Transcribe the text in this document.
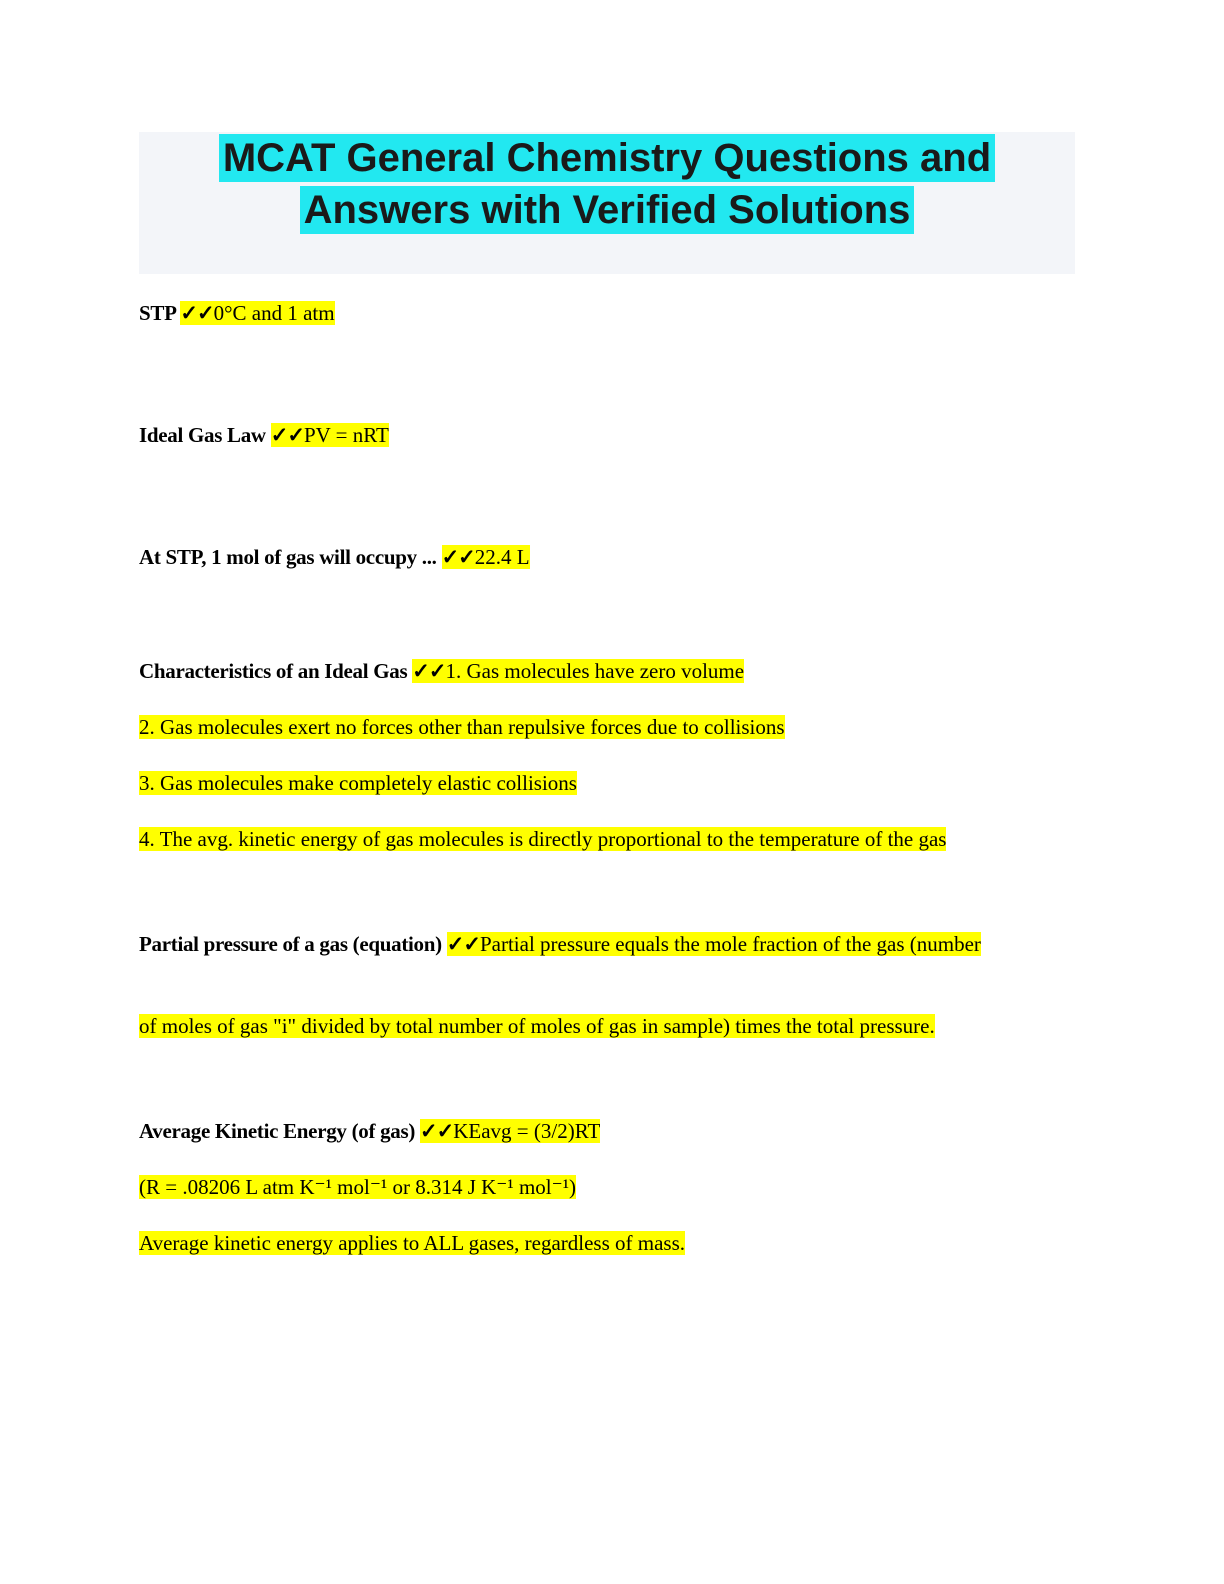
MCAT General Chemistry Questions and
Answers with Verified Solutions
STP ✓✓0°C and 1 atm
Ideal Gas Law ✓✓PV = nRT
At STP, 1 mol of gas will occupy ... ✓✓22.4 L
Characteristics of an Ideal Gas ✓✓1. Gas molecules have zero volume
2. Gas molecules exert no forces other than repulsive forces due to collisions
3. Gas molecules make completely elastic collisions
4. The avg. kinetic energy of gas molecules is directly proportional to the temperature of the gas
Partial pressure of a gas (equation) ✓✓Partial pressure equals the mole fraction of the gas (number
of moles of gas "i" divided by total number of moles of gas in sample) times the total pressure.
Average Kinetic Energy (of gas) ✓✓KEavg = (3/2)RT
(R = .08206 L atm K⁻¹ mol⁻¹ or 8.314 J K⁻¹ mol⁻¹)
Average kinetic energy applies to ALL gases, regardless of mass.
